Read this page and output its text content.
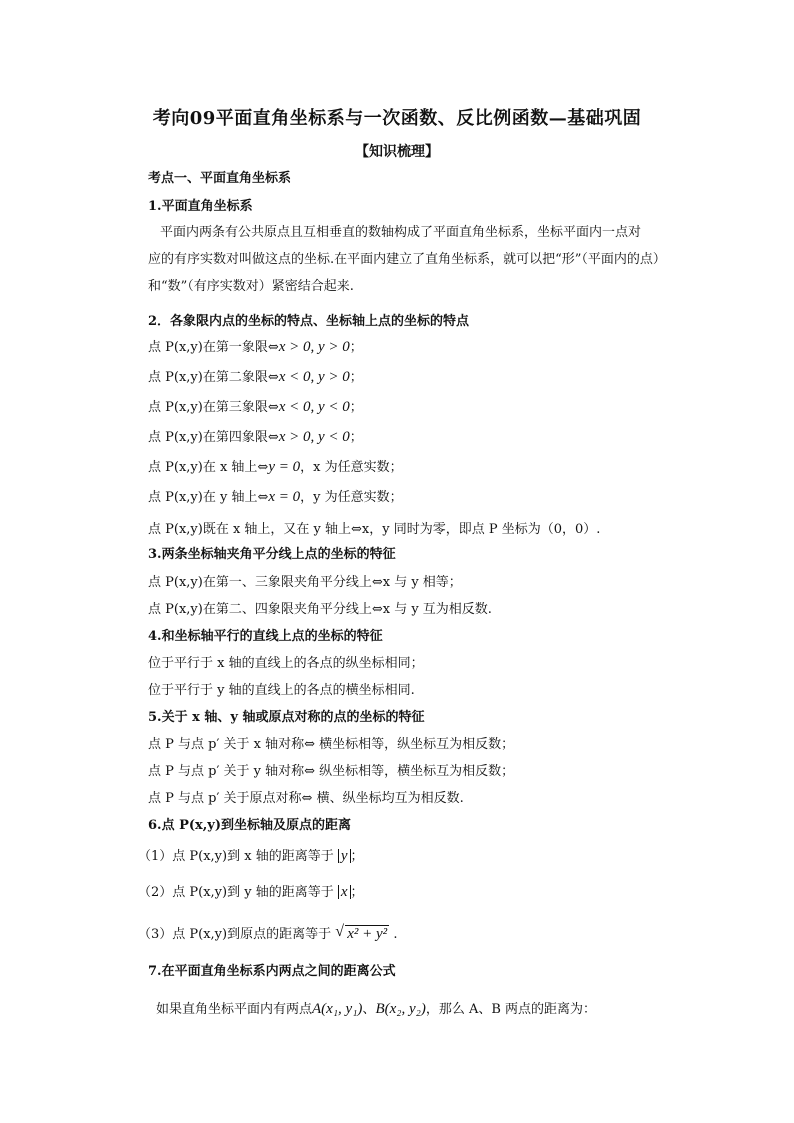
考向09平面直角坐标系与一次函数、反比例函数—基础巩固
【知识梳理】
考点一、平面直角坐标系
1.平面直角坐标系
平面内两条有公共原点且互相垂直的数轴构成了平面直角坐标系，坐标平面内一点对
应的有序实数对叫做这点的坐标.在平面内建立了直角坐标系，就可以把“形”（平面内的点）
和“数”（有序实数对）紧密结合起来.
2．各象限内点的坐标的特点、坐标轴上点的坐标的特点
点 P(x,y)在第一象限⇔x > 0, y > 0；
点 P(x,y)在第二象限⇔x < 0, y > 0；
点 P(x,y)在第三象限⇔x < 0, y < 0；
点 P(x,y)在第四象限⇔x > 0, y < 0；
点 P(x,y)在 x 轴上⇔y = 0，x 为任意实数；
点 P(x,y)在 y 轴上⇔x = 0，y 为任意实数；
点 P(x,y)既在 x 轴上，又在 y 轴上⇔x，y 同时为零，即点 P 坐标为（0，0）.
3.两条坐标轴夹角平分线上点的坐标的特征
点 P(x,y)在第一、三象限夹角平分线上⇔x 与 y 相等；
点 P(x,y)在第二、四象限夹角平分线上⇔x 与 y 互为相反数.
4.和坐标轴平行的直线上点的坐标的特征
位于平行于 x 轴的直线上的各点的纵坐标相同；
位于平行于 y 轴的直线上的各点的横坐标相同.
5.关于 x 轴、y 轴或原点对称的点的坐标的特征
点 P 与点 p′ 关于 x 轴对称⇔ 横坐标相等，纵坐标互为相反数；
点 P 与点 p′ 关于 y 轴对称⇔ 纵坐标相等，横坐标互为相反数；
点 P 与点 p′ 关于原点对称⇔ 横、纵坐标均互为相反数.
6.点 P(x,y)到坐标轴及原点的距离
（1）点 P(x,y)到 x 轴的距离等于 y ；
（2）点 P(x,y)到 y 轴的距离等于 x ；
（3）点 P(x,y)到原点的距离等于 √ x² + y² .
7.在平面直角坐标系内两点之间的距离公式
如果直角坐标平面内有两点A(x₁, y₁)、B(x₂, y₂)，那么 A、B 两点的距离为：
